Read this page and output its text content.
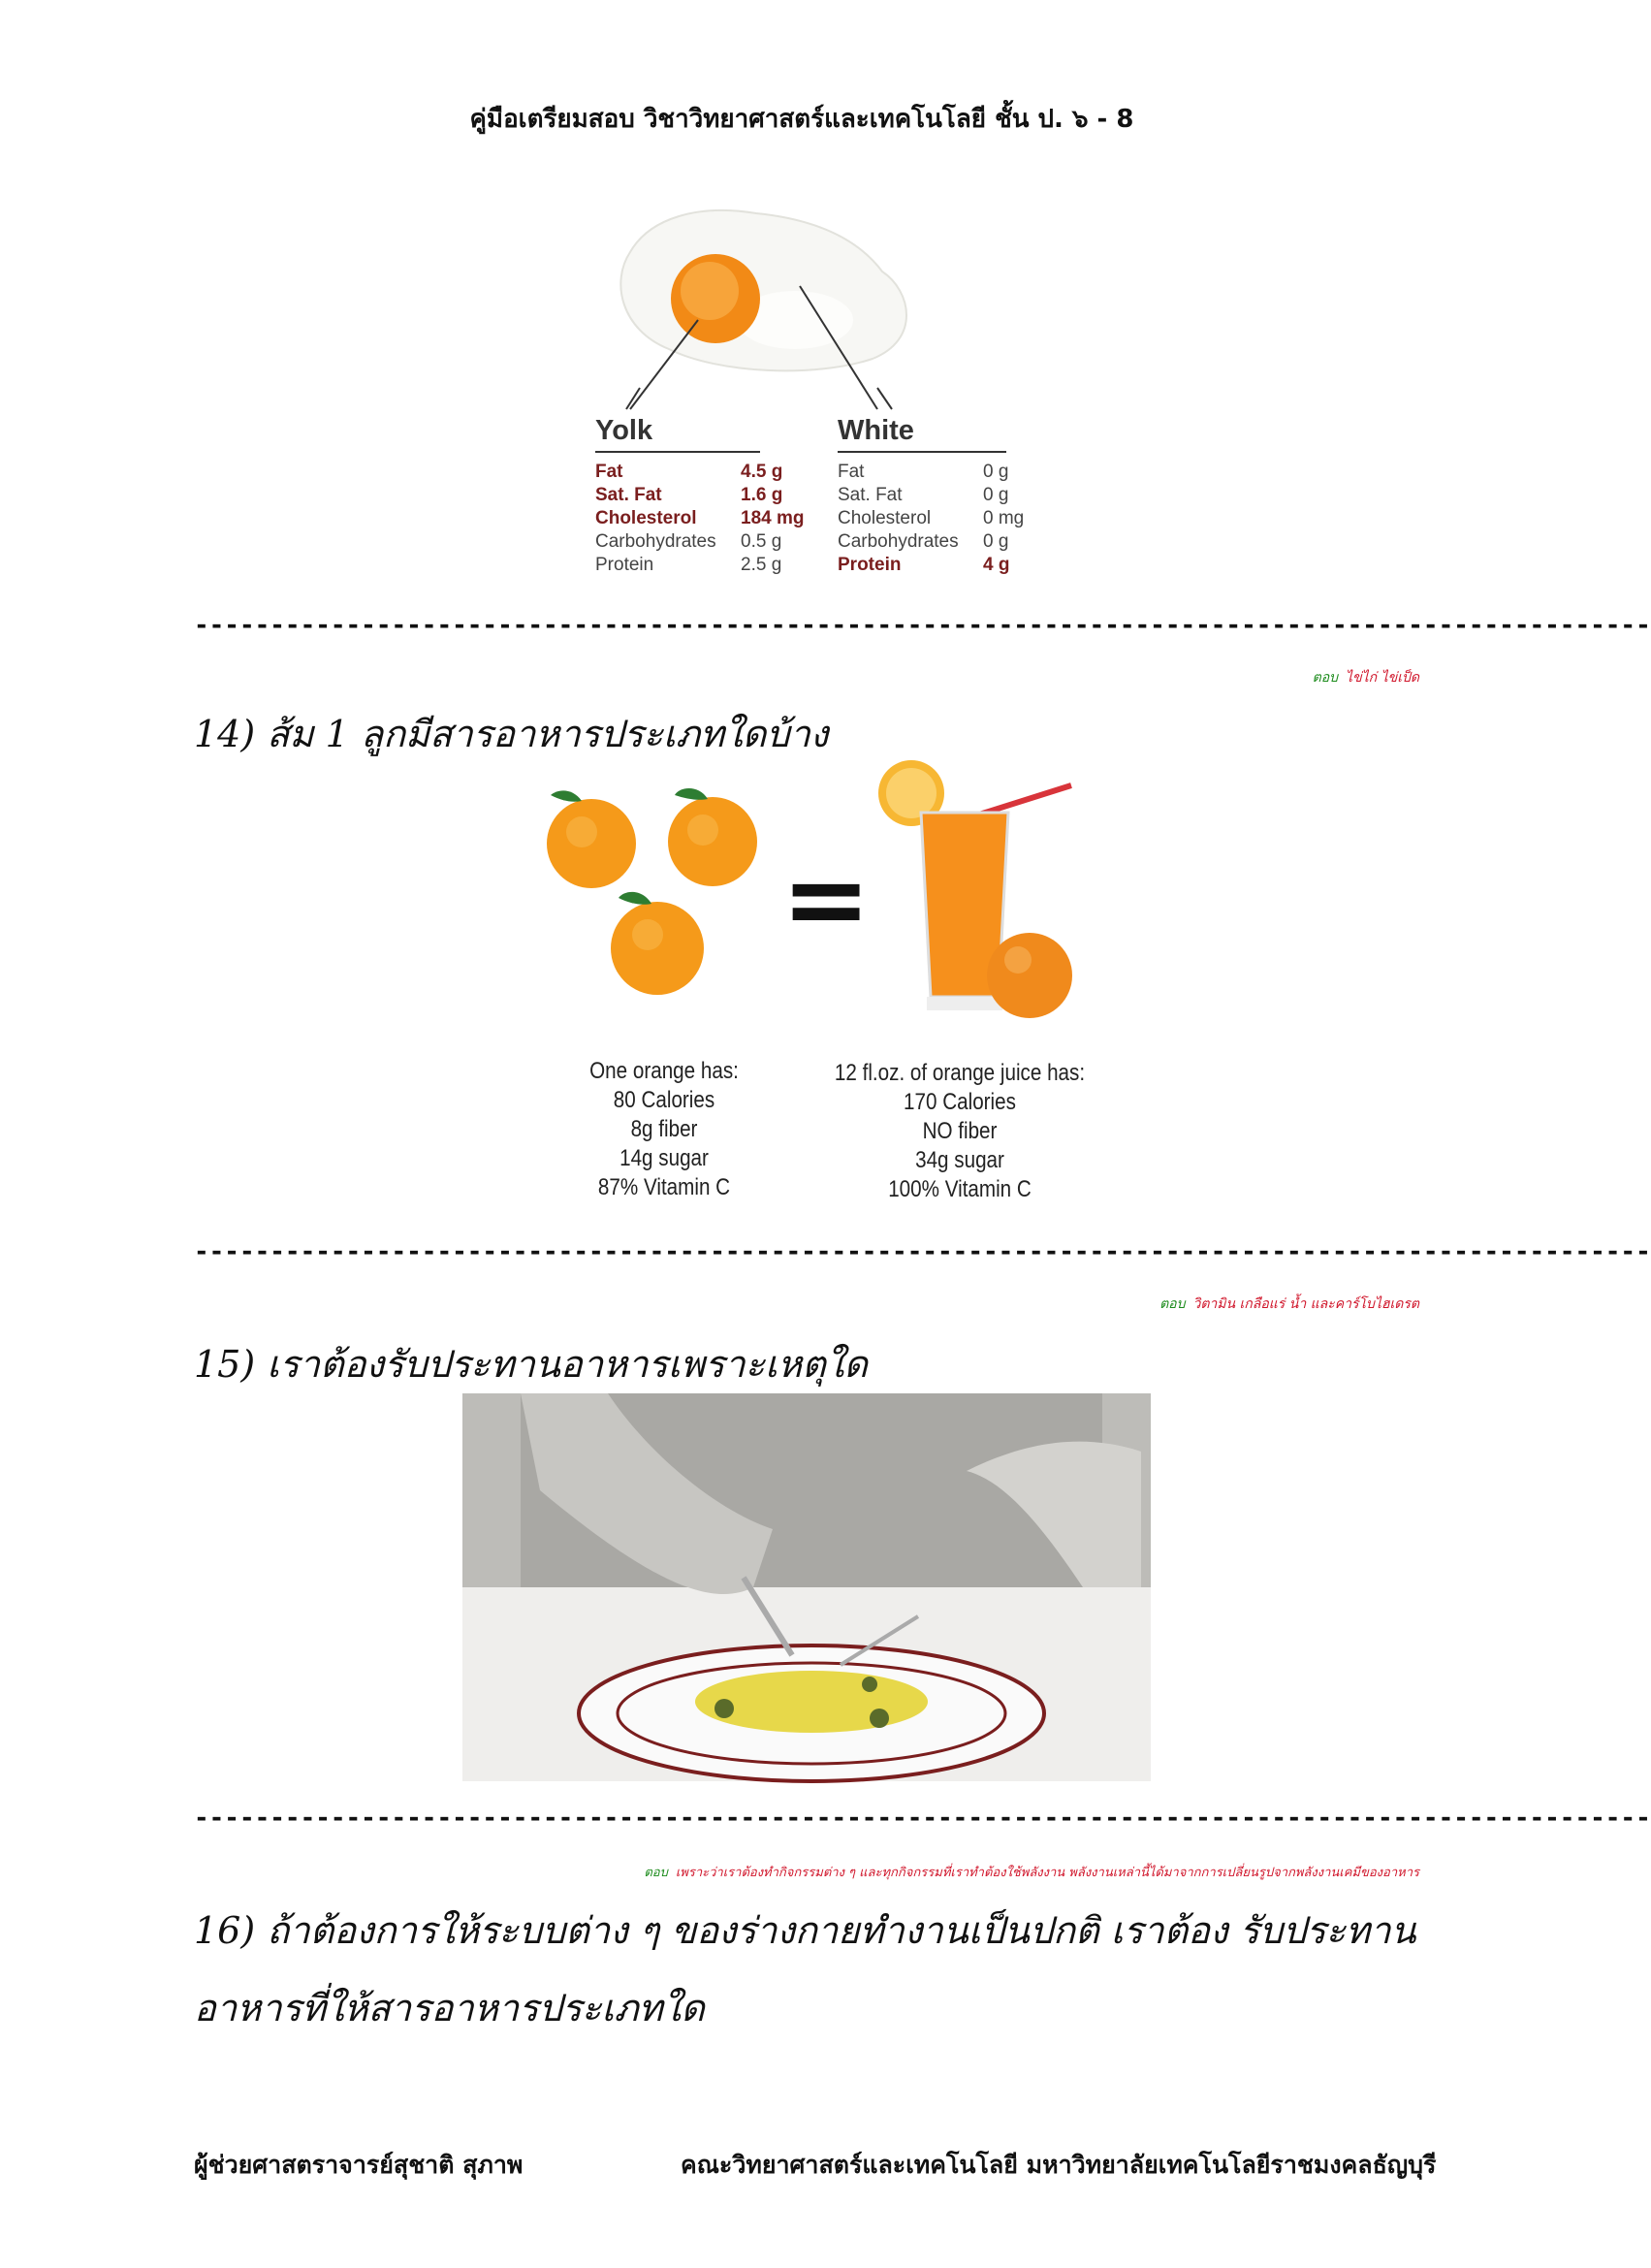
คู่มือเตรียมสอบ วิชาวิทยาศาสตร์และเทคโนโลยี ชั้น ป. ๖ - 8
Yolk
Fat	4.5 g
Sat. Fat	1.6 g
Cholesterol 184 mg
Carbohydrates 0.5 g
Protein	2.5 g
White
Fat	0 g
Sat. Fat	0 g
Cholesterol	0 mg
Carbohydrates 0 g
Protein	4 g
------------------------------------------------------------------------------------------------
ตอบ ไข่ไก่ ไข่เป็ด
14) ส้ม 1 ลูกมีสารอาหารประเภทใดบ้าง
=
One orange has:
80 Calories
8g fiber
14g sugar
87% Vitamin C
12 fl.oz. of orange juice has:
170 Calories
NO fiber
34g sugar
100% Vitamin C
------------------------------------------------------------------------------------------------
ตอบ วิตามิน เกลือแร่ น้ำ และคาร์โบไฮเดรต
15) เราต้องรับประทานอาหารเพราะเหตุใด
------------------------------------------------------------------------------------------------
ตอบ เพราะว่าเราต้องทำกิจกรรมต่าง ๆ และทุกกิจกรรมที่เราทำต้องใช้พลังงาน พลังงานเหล่านี้ได้มาจากการเปลี่ยนรูปจากพลังงานเคมีของอาหาร
16) ถ้าต้องการให้ระบบต่าง ๆ ของร่างกายทำงานเป็นปกติ เราต้อง รับประทาน
อาหารที่ให้สารอาหารประเภทใด
ผู้ช่วยศาสตราจารย์สุชาติ สุภาพ	คณะวิทยาศาสตร์และเทคโนโลยี มหาวิทยาลัยเทคโนโลยีราชมงคลธัญบุรี
